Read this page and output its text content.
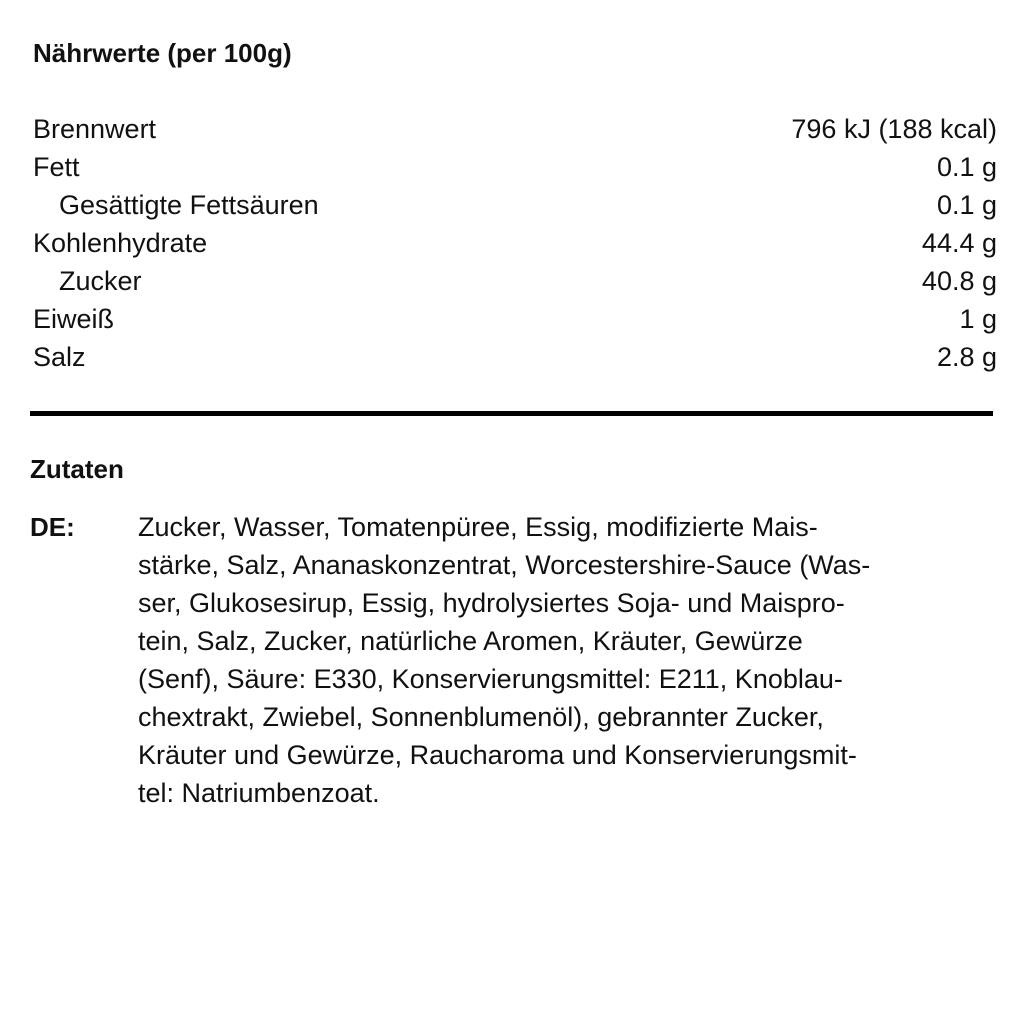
Nährwerte (per 100g)
Brennwert	796 kJ (188 kcal)
Fett	0.1 g
Gesättigte Fettsäuren	0.1 g
Kohlenhydrate	44.4 g
Zucker	40.8 g
Eiweiß	1 g
Salz	2.8 g
Zutaten
DE: Zucker, Wasser, Tomatenpüree, Essig, modifizierte Mais-
stärke, Salz, Ananaskonzentrat, Worcestershire-Sauce (Was-
ser, Glukosesirup, Essig, hydrolysiertes Soja- und Maispro-
tein, Salz, Zucker, natürliche Aromen, Kräuter, Gewürze
(Senf), Säure: E330, Konservierungsmittel: E211, Knoblau-
chextrakt, Zwiebel, Sonnenblumenöl), gebrannter Zucker,
Kräuter und Gewürze, Raucharoma und Konservierungsmit-
tel: Natriumbenzoat.
